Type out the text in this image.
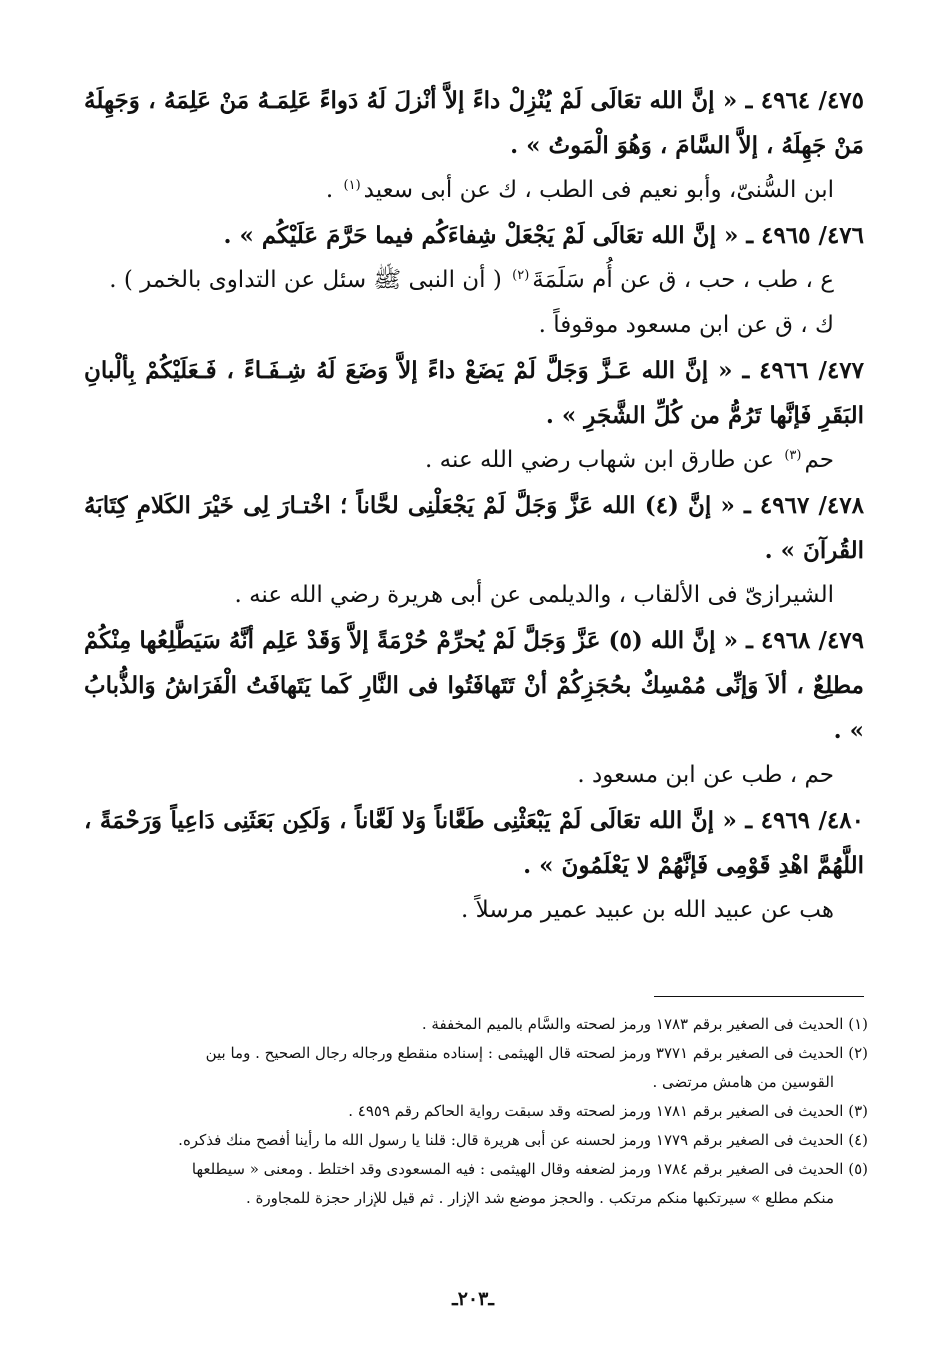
٤٧٥/ ٤٩٦٤ ـ « إنَّ الله تعَالَى لَمْ يُنْزِلْ داءً إلاَّ أنْزلَ لَهُ دَواءً عَلِمَـهُ مَنْ عَلِمَهُ ، وَجَهِلَهُ مَنْ جَهِلَهُ ، إلاَّ السَّامَ ، وَهُوَ الْمَوتُ » .

ابن السُّنىّ، وأبو نعيم فى الطب ، ك عن أبى سعيد$^{(١)}$ .

٤٧٦/ ٤٩٦٥ ـ « إنَّ الله تعَالَى لَمْ يَجْعَلْ شِفاءَكُم فيما حَرَّمَ عَلَيْكُم » .

ع ، طب ، حب ، ق عن أُم سَلَمَةَ$^{(٢)}$ ( أن النبى ﷺ سئل عن التداوى بالخمر ) .

ك ، ق عن ابن مسعود موقوفاً .

٤٧٧/ ٤٩٦٦ ـ « إنَّ الله عَـزَّ وَجَلَّ لَمْ يَضَعْ داءً إلاَّ وَضَعَ لَهُ شِـفَـاءً ، فَـعَلَيْكُمْ بِألْبانِ البَقَرِ فَإنَّها تَرُمُّ من كُلِّ الشَّجَرِ » .

حم$^{(٣)}$ عن طارق ابن شهاب رضي الله عنه .

٤٧٨/ ٤٩٦٧ ـ « إنَّ (٤) الله عَزَّ وَجَلَّ لَمْ يَجْعَلْنِى لحَّاناً ؛ اخْتـارَ لِى خَيْرَ الكَلامِ كِتَابَهُ القُرآنَ » .

الشيرازىّ فى الألقاب ، والديلمى عن أبى هريرة رضي الله عنه .

٤٧٩/ ٤٩٦٨ ـ « إنَّ الله (٥) عَزَّ وَجَلَّ لَمْ يُحرِّمْ حُرْمَةً إلاَّ وَقَدْ عَلِم أنَّهُ سَيَطَّلِعُها مِنْكُمْ مطلِعٌ ، ألاَ وَإنِّى مُمْسِكٌ بحُجَزِكُمْ أنْ تَتَهافَتُوا فى النَّارِ كَما يَتَهافَتُ الْفَرَاشُ وَالذُّبابُ » .

حم ، طب عن ابن مسعود .

٤٨٠/ ٤٩٦٩ ـ « إنَّ الله تعَالَى لَمْ يَبْعَثْنِى طَعَّاناً وَلا لَعَّاناً ، وَلَكِن بَعَثَنِى دَاعِياً وَرَحْمَةً ، اللَّهُمَّ اهْدِ قَوْمِى فَإنَّهُمْ لا يَعْلَمُونَ » .

هب عن عبيد الله بن عبيد عمير مرسلاً .

(١) الحديث فى الصغير برقم ١٧٨٣ ورمز لصحته والسَّام بالميم المخففة .

(٢) الحديث فى الصغير برقم ٣٧٧١ ورمز لصحته قال الهيثمى : إسناده منقطع ورجاله رجال الصحيح . وما بين

القوسين من هامش مرتضى .

(٣) الحديث فى الصغير برقم ١٧٨١ ورمز لصحته وقد سبقت رواية الحاكم رقم ٤٩٥٩ .

(٤) الحديث فى الصغير برقم ١٧٧٩ ورمز لحسنه عن أبى هريرة قال: قلنا يا رسول الله ما رأينا أفصح منك فذكره.

(٥) الحديث فى الصغير برقم ١٧٨٤ ورمز لضعفه وقال الهيثمى : فيه المسعودى وقد اختلط . ومعنى « سيطلعها

منكم مطلع » سيرتكبها منكم مرتكب . والحجز موضع شد الإزار . ثم قيل للإزار حجزة للمجاورة .

ـ٢٠٣ـ
